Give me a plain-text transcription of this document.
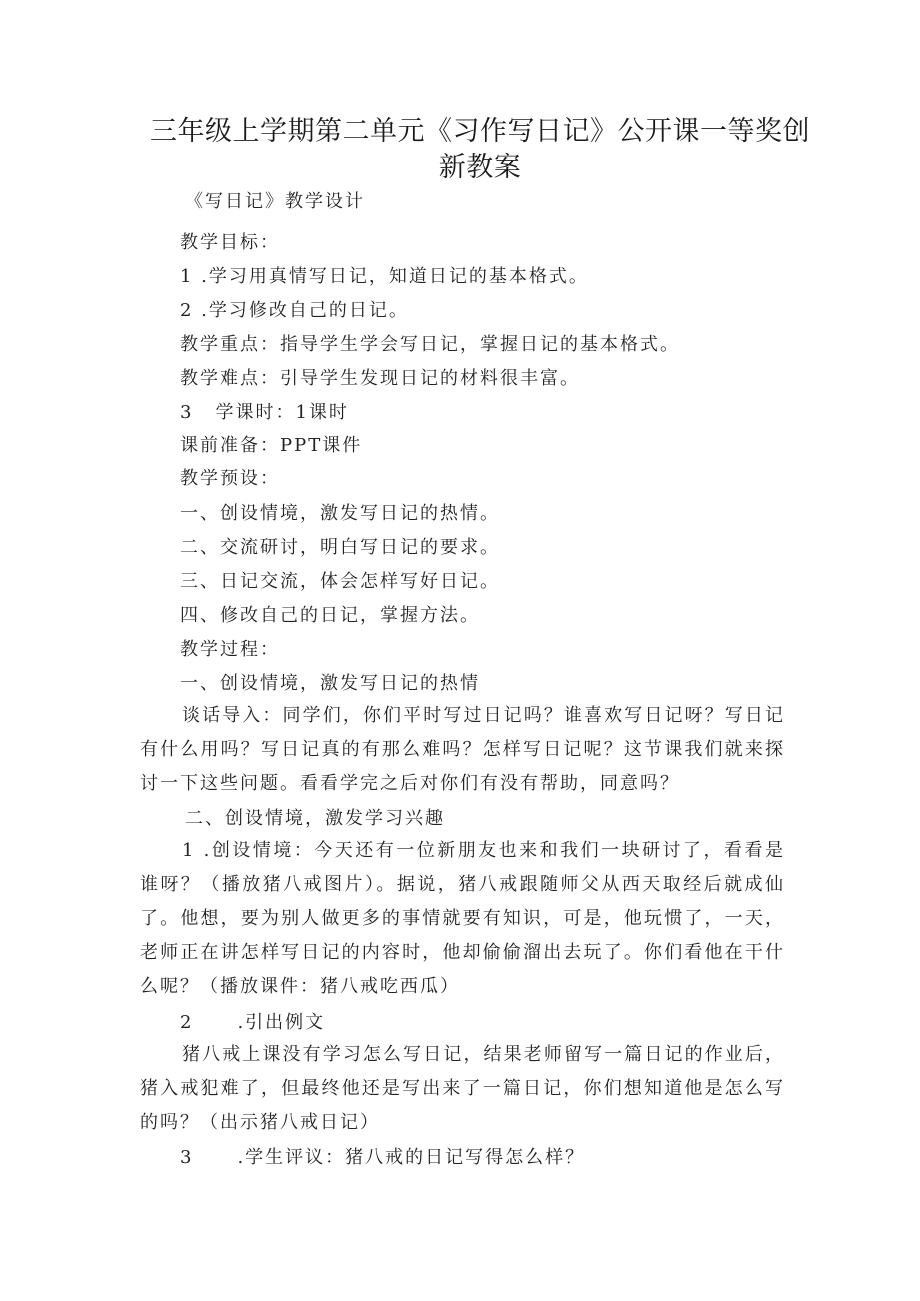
三年级上学期第二单元《习作写日记》公开课一等奖创
新教案
《写日记》教学设计
教学目标：
1 .学习用真情写日记，知道日记的基本格式。
2 .学习修改自己的日记。
教学重点：指导学生学会写日记，掌握日记的基本格式。
教学难点：引导学生发现日记的材料很丰富。
3 学课时：1课时
课前准备：PPT课件
教学预设：
一、创设情境，激发写日记的热情。
二、交流研讨，明白写日记的要求。
三、日记交流，体会怎样写好日记。
四、修改自己的日记，掌握方法。
教学过程：
一、创设情境，激发写日记的热情
谈话导入：同学们，你们平时写过日记吗？谁喜欢写日记呀？写日记有什么用吗？写日记真的有那么难吗？怎样写日记呢？这节课我们就来探讨一下这些问题。看看学完之后对你们有没有帮助，同意吗？
二、创设情境，激发学习兴趣
1 .创设情境：今天还有一位新朋友也来和我们一块研讨了，看看是谁呀？（播放猪八戒图片）。据说，猪八戒跟随师父从西天取经后就成仙了。他想，要为别人做更多的事情就要有知识，可是，他玩惯了，一天，老师正在讲怎样写日记的内容时，他却偷偷溜出去玩了。你们看他在干什么呢？（播放课件：猪八戒吃西瓜）
2 .引出例文
猪八戒上课没有学习怎么写日记，结果老师留写一篇日记的作业后，猪入戒犯难了，但最终他还是写出来了一篇日记，你们想知道他是怎么写的吗？（出示猪八戒日记）
3 .学生评议：猪八戒的日记写得怎么样？
